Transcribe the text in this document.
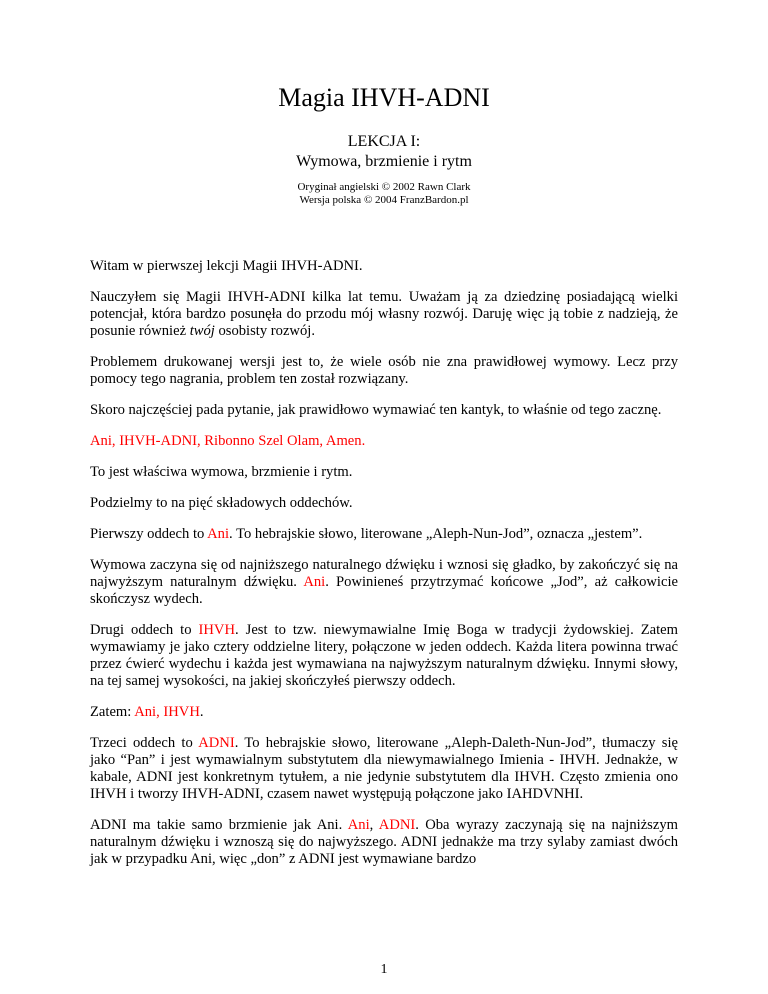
Magia IHVH-ADNI
LEKCJA I:
Wymowa, brzmienie i rytm
Oryginał angielski © 2002 Rawn Clark
Wersja polska © 2004 FranzBardon.pl

Witam w pierwszej lekcji Magii IHVH-ADNI.

Nauczyłem się Magii IHVH-ADNI kilka lat temu. Uważam ją za dziedzinę posiadającą wielki potencjał, która bardzo posunęła do przodu mój własny rozwój. Daruję więc ją tobie z nadzieją, że posunie również twój osobisty rozwój.

Problemem drukowanej wersji jest to, że wiele osób nie zna prawidłowej wymowy. Lecz przy pomocy tego nagrania, problem ten został rozwiązany.

Skoro najczęściej pada pytanie, jak prawidłowo wymawiać ten kantyk, to właśnie od tego zacznę.

Ani, IHVH-ADNI, Ribonno Szel Olam, Amen.

To jest właściwa wymowa, brzmienie i rytm.

Podzielmy to na pięć składowych oddechów.

Pierwszy oddech to Ani. To hebrajskie słowo, literowane „Aleph-Nun-Jod”, oznacza „jestem”.

Wymowa zaczyna się od najniższego naturalnego dźwięku i wznosi się gładko, by zakończyć się na najwyższym naturalnym dźwięku. Ani. Powinieneś przytrzymać końcowe „Jod”, aż całkowicie skończysz wydech.

Drugi oddech to IHVH. Jest to tzw. niewymawialne Imię Boga w tradycji żydowskiej. Zatem wymawiamy je jako cztery oddzielne litery, połączone w jeden oddech. Każda litera powinna trwać przez ćwierć wydechu i każda jest wymawiana na najwyższym naturalnym dźwięku. Innymi słowy, na tej samej wysokości, na jakiej skończyłeś pierwszy oddech.

Zatem: Ani, IHVH.

Trzeci oddech to ADNI. To hebrajskie słowo, literowane „Aleph-Daleth-Nun-Jod”, tłumaczy się jako “Pan” i jest wymawialnym substytutem dla niewymawialnego Imienia - IHVH. Jednakże, w kabale, ADNI jest konkretnym tytułem, a nie jedynie substytutem dla IHVH. Często zmienia ono IHVH i tworzy IHVH-ADNI, czasem nawet występują połączone jako IAHDVNHI.

ADNI ma takie samo brzmienie jak Ani. Ani, ADNI. Oba wyrazy zaczynają się na najniższym naturalnym dźwięku i wznoszą się do najwyższego. ADNI jednakże ma trzy sylaby zamiast dwóch jak w przypadku Ani, więc „don” z ADNI jest wymawiane bardzo

1
